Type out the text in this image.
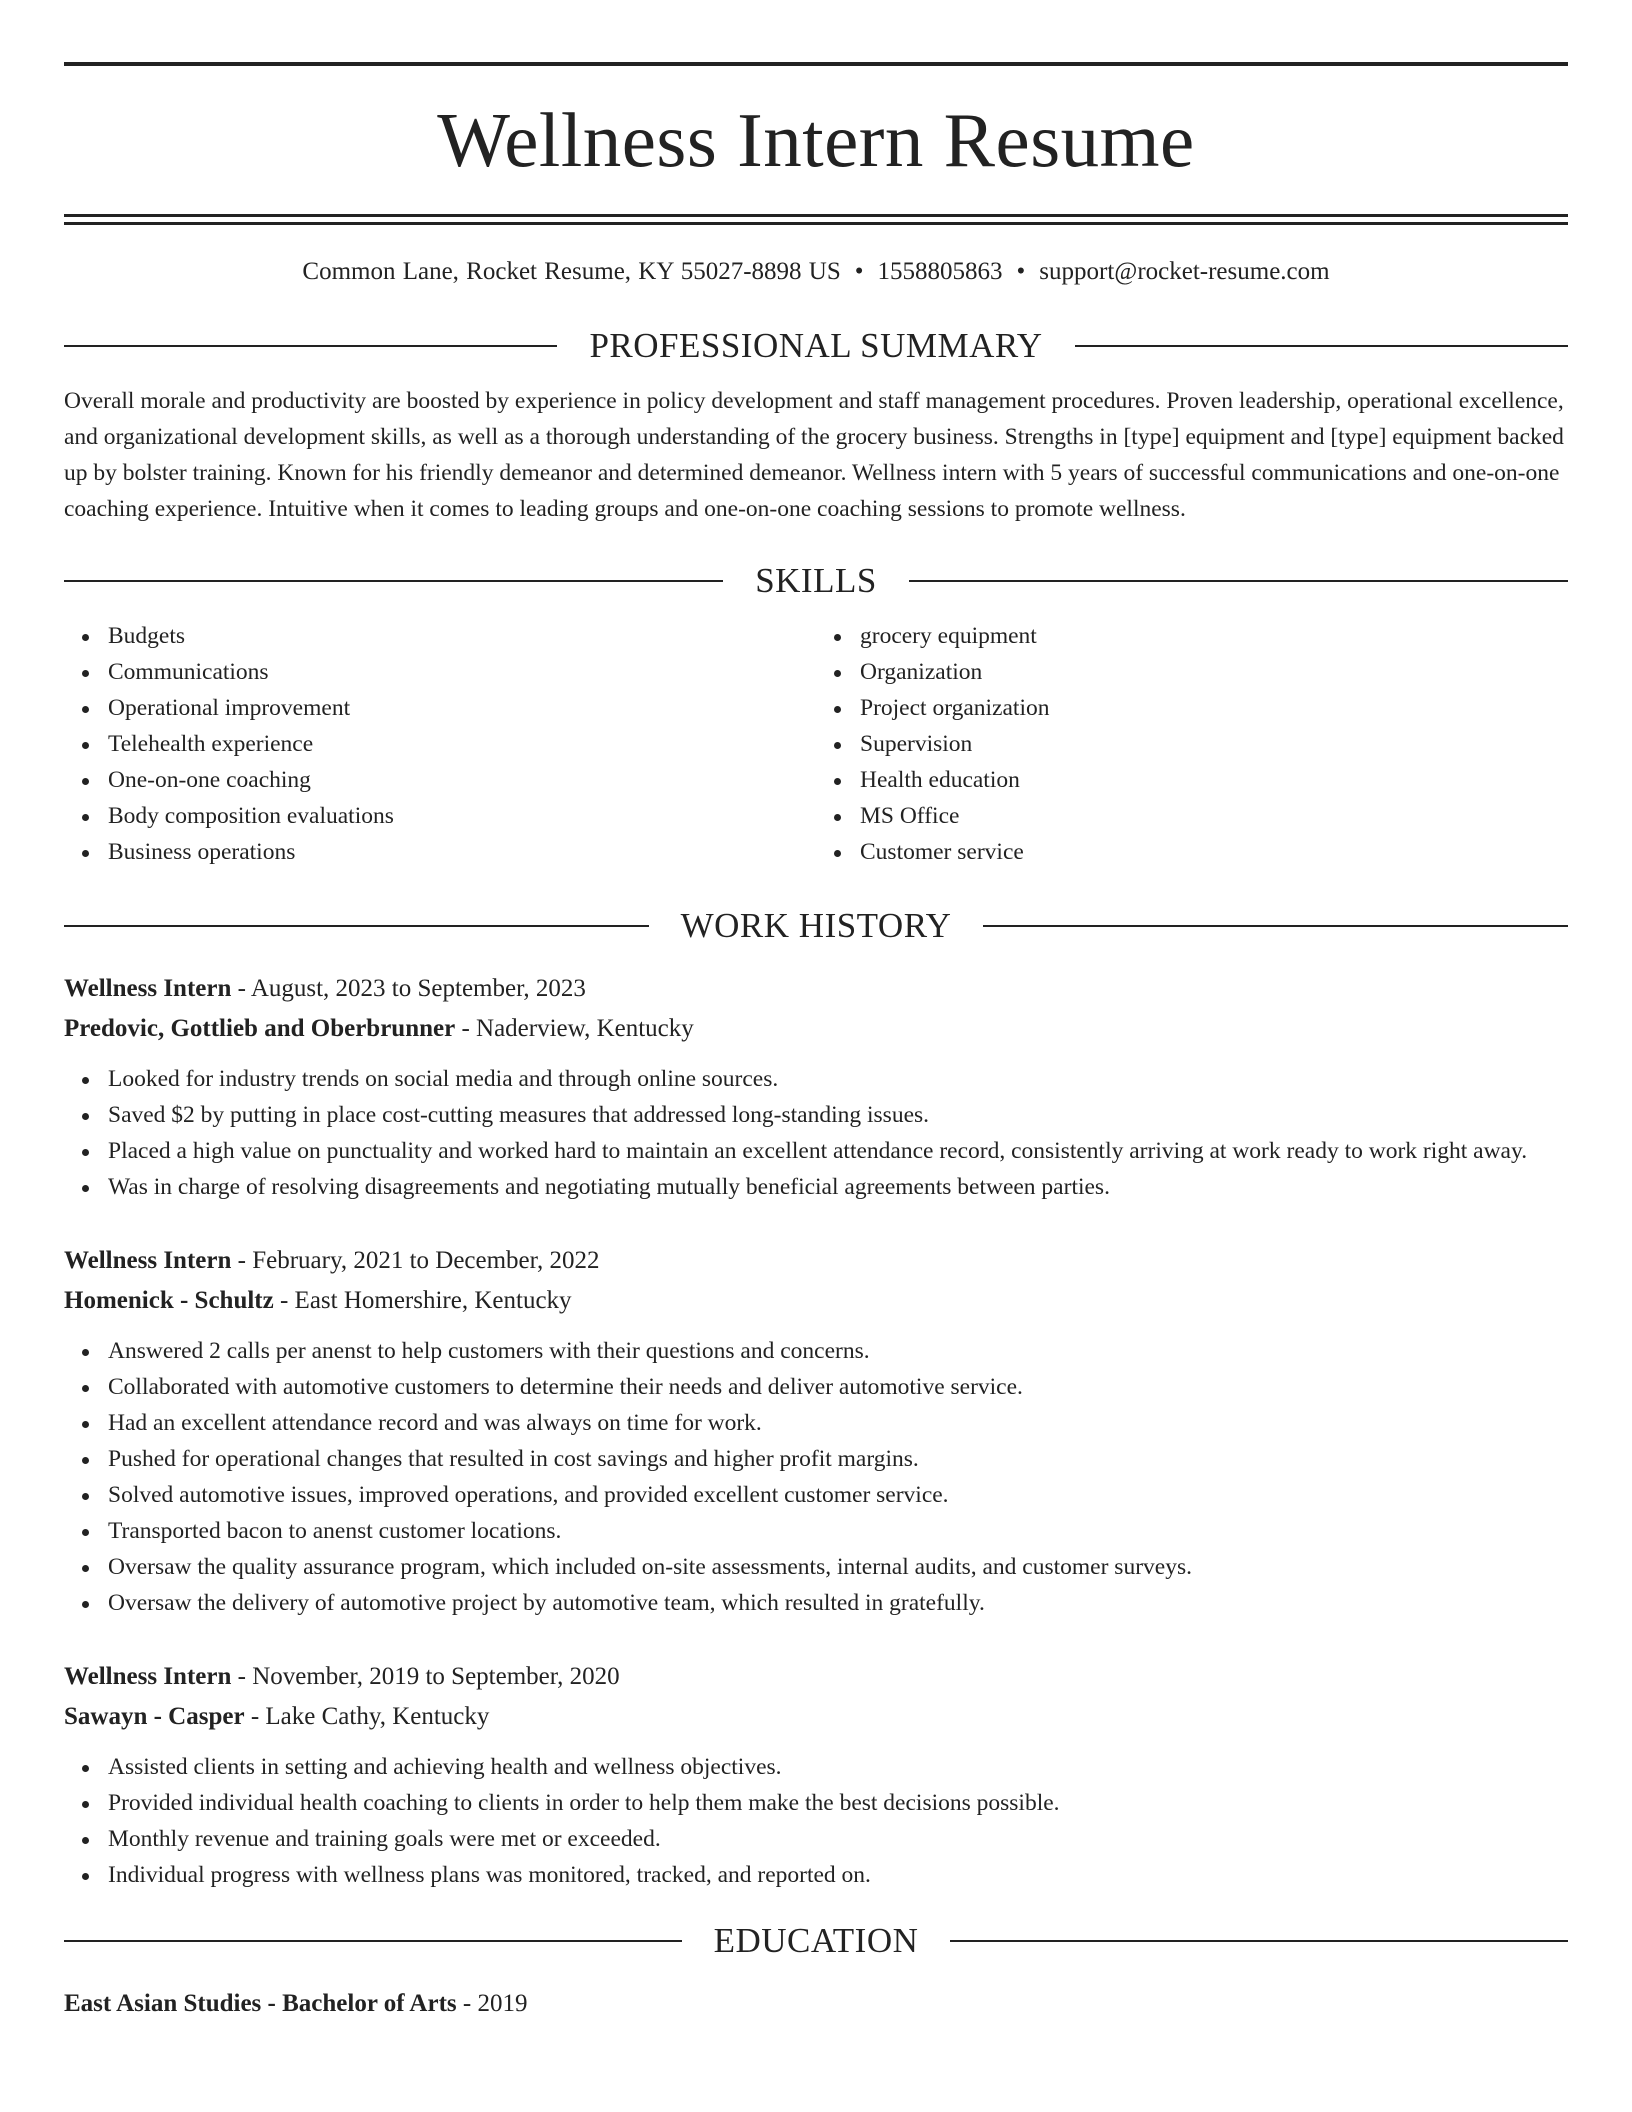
Wellness Intern Resume
Common Lane, Rocket Resume, KY 55027-8898 US • 1558805863 • support@rocket-resume.com
PROFESSIONAL SUMMARY

Overall morale and productivity are boosted by experience in policy development and staff management procedures. Proven leadership, operational excellence, and organizational development skills, as well as a thorough understanding of the grocery business. Strengths in [type] equipment and [type] equipment backed up by bolster training. Known for his friendly demeanor and determined demeanor. Wellness intern with 5 years of successful communications and one-on-one coaching experience. Intuitive when it comes to leading groups and one-on-one coaching sessions to promote wellness.

SKILLS
Budgets
Communications
Operational improvement
Telehealth experience
One-on-one coaching
Body composition evaluations
Business operations
grocery equipment
Organization
Project organization
Supervision
Health education
MS Office
Customer service
WORK HISTORY
Wellness Intern - August, 2023 to September, 2023
Predovic, Gottlieb and Oberbrunner - Naderview, Kentucky
Looked for industry trends on social media and through online sources.
Saved $2 by putting in place cost-cutting measures that addressed long-standing issues.
Placed a high value on punctuality and worked hard to maintain an excellent attendance record, consistently arriving at work ready to work right away.
Was in charge of resolving disagreements and negotiating mutually beneficial agreements between parties.
Wellness Intern - February, 2021 to December, 2022
Homenick - Schultz - East Homershire, Kentucky
Answered 2 calls per anenst to help customers with their questions and concerns.
Collaborated with automotive customers to determine their needs and deliver automotive service.
Had an excellent attendance record and was always on time for work.
Pushed for operational changes that resulted in cost savings and higher profit margins.
Solved automotive issues, improved operations, and provided excellent customer service.
Transported bacon to anenst customer locations.
Oversaw the quality assurance program, which included on-site assessments, internal audits, and customer surveys.
Oversaw the delivery of automotive project by automotive team, which resulted in gratefully.
Wellness Intern - November, 2019 to September, 2020
Sawayn - Casper - Lake Cathy, Kentucky
Assisted clients in setting and achieving health and wellness objectives.
Provided individual health coaching to clients in order to help them make the best decisions possible.
Monthly revenue and training goals were met or exceeded.
Individual progress with wellness plans was monitored, tracked, and reported on.
EDUCATION
East Asian Studies - Bachelor of Arts - 2019
